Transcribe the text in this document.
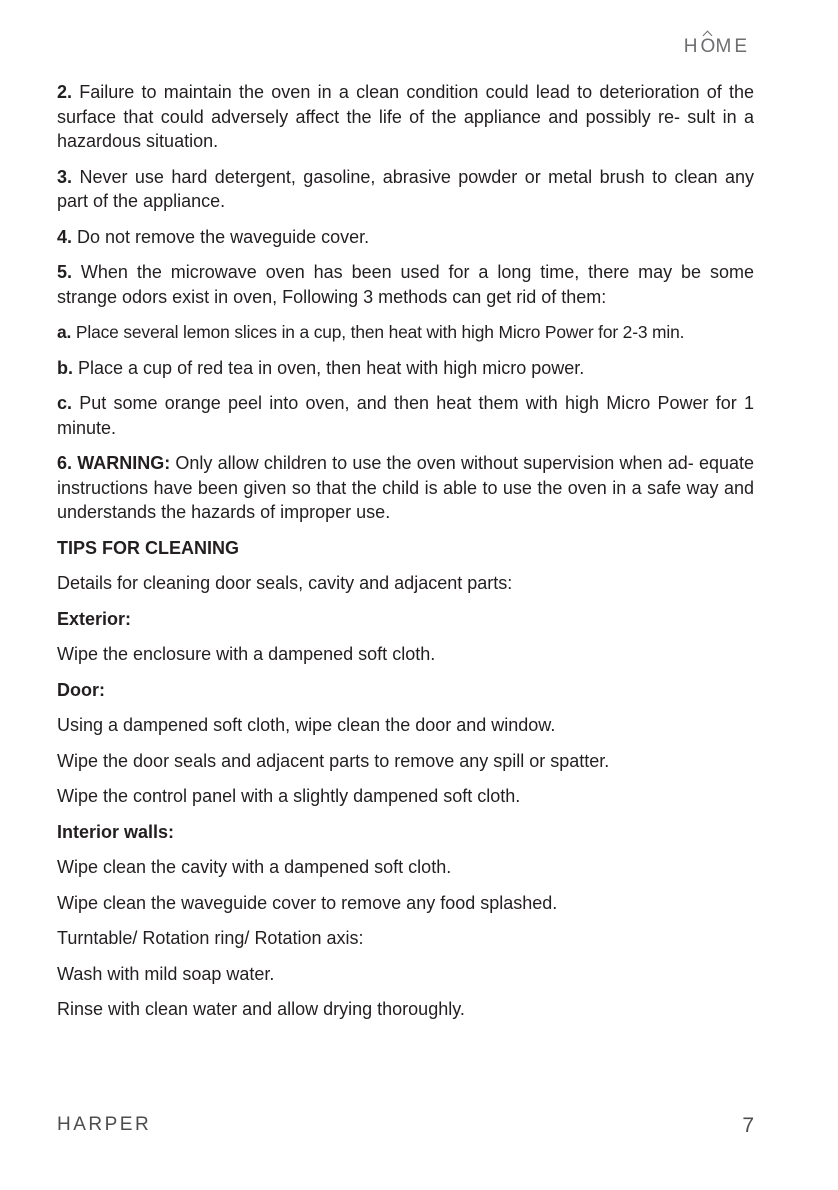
H O
ME

2. Failure to maintain the oven in a clean condition could lead to deterioration of the surface that could adversely affect the life of the appliance and possibly re- sult in a hazardous situation.

3. Never use hard detergent, gasoline, abrasive powder or metal brush to clean any part of the appliance.

4. Do not remove the waveguide cover.

5. When the microwave oven has been used for a long time, there may be some strange odors exist in oven, Following 3 methods can get rid of them:

a. Place several lemon slices in a cup, then heat with high Micro Power for 2-3 min.

b. Place a cup of red tea in oven, then heat with high micro power.

c. Put some orange peel into oven, and then heat them with high Micro Power for 1 minute.

6. WARNING: Only allow children to use the oven without supervision when ad- equate instructions have been given so that the child is able to use the oven in a safe way and understands the hazards of improper use.

TIPS FOR CLEANING

Details for cleaning door seals, cavity and adjacent parts:

Exterior:

Wipe the enclosure with a dampened soft cloth.

Door:

Using a dampened soft cloth, wipe clean the door and window.

Wipe the door seals and adjacent parts to remove any spill or spatter.

Wipe the control panel with a slightly dampened soft cloth.

Interior walls:

Wipe clean the cavity with a dampened soft cloth.

Wipe clean the waveguide cover to remove any food splashed.

Turntable/ Rotation ring/ Rotation axis:

Wash with mild soap water.

Rinse with clean water and allow drying thoroughly.

HARPER	7
